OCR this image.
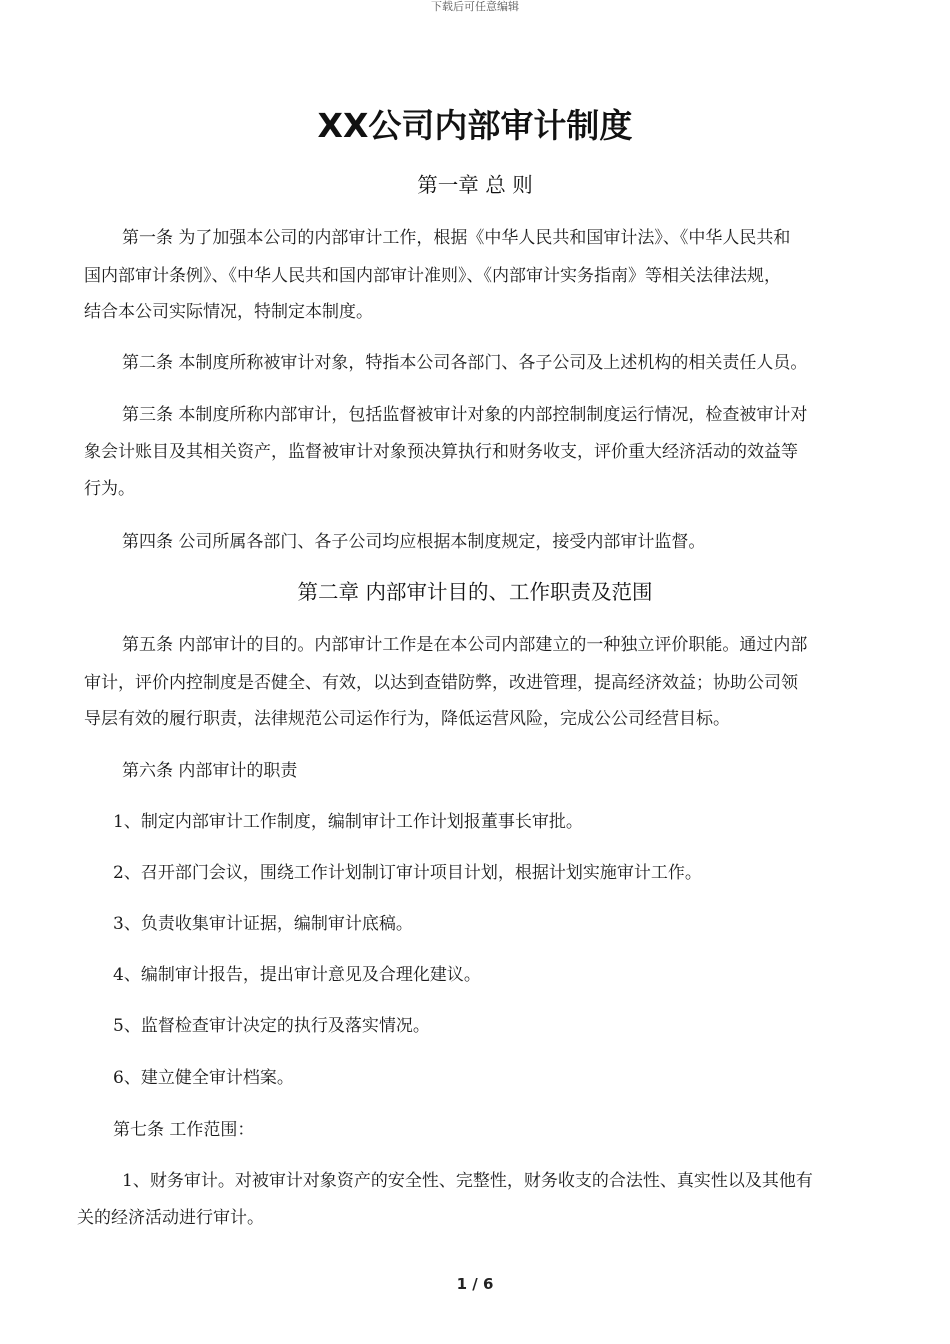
下载后可任意编辑
XX公司内部审计制度
第一章 总 则
第一条 为了加强本公司的内部审计工作，根据《中华人民共和国审计法》、《中华人民共和
国内部审计条例》、《中华人民共和国内部审计准则》、《内部审计实务指南》等相关法律法规，
结合本公司实际情况，特制定本制度。
第二条 本制度所称被审计对象，特指本公司各部门、各子公司及上述机构的相关责任人员。
第三条 本制度所称内部审计，包括监督被审计对象的内部控制制度运行情况，检查被审计对
象会计账目及其相关资产，监督被审计对象预决算执行和财务收支，评价重大经济活动的效益等
行为。
第四条 公司所属各部门、各子公司均应根据本制度规定，接受内部审计监督。
第二章 内部审计目的、工作职责及范围
第五条 内部审计的目的。内部审计工作是在本公司内部建立的一种独立评价职能。通过内部
审计，评价内控制度是否健全、有效，以达到查错防弊，改进管理，提高经济效益；协助公司领
导层有效的履行职责，法律规范公司运作行为，降低运营风险，完成公公司经营目标。
第六条 内部审计的职责
1、制定内部审计工作制度，编制审计工作计划报董事长审批。
2、召开部门会议，围绕工作计划制订审计项目计划，根据计划实施审计工作。
3、负责收集审计证据，编制审计底稿。
4、编制审计报告，提出审计意见及合理化建议。
5、监督检查审计决定的执行及落实情况。
6、建立健全审计档案。
第七条 工作范围：
1、财务审计。对被审计对象资产的安全性、完整性，财务收支的合法性、真实性以及其他有
关的经济活动进行审计。
1 / 6
